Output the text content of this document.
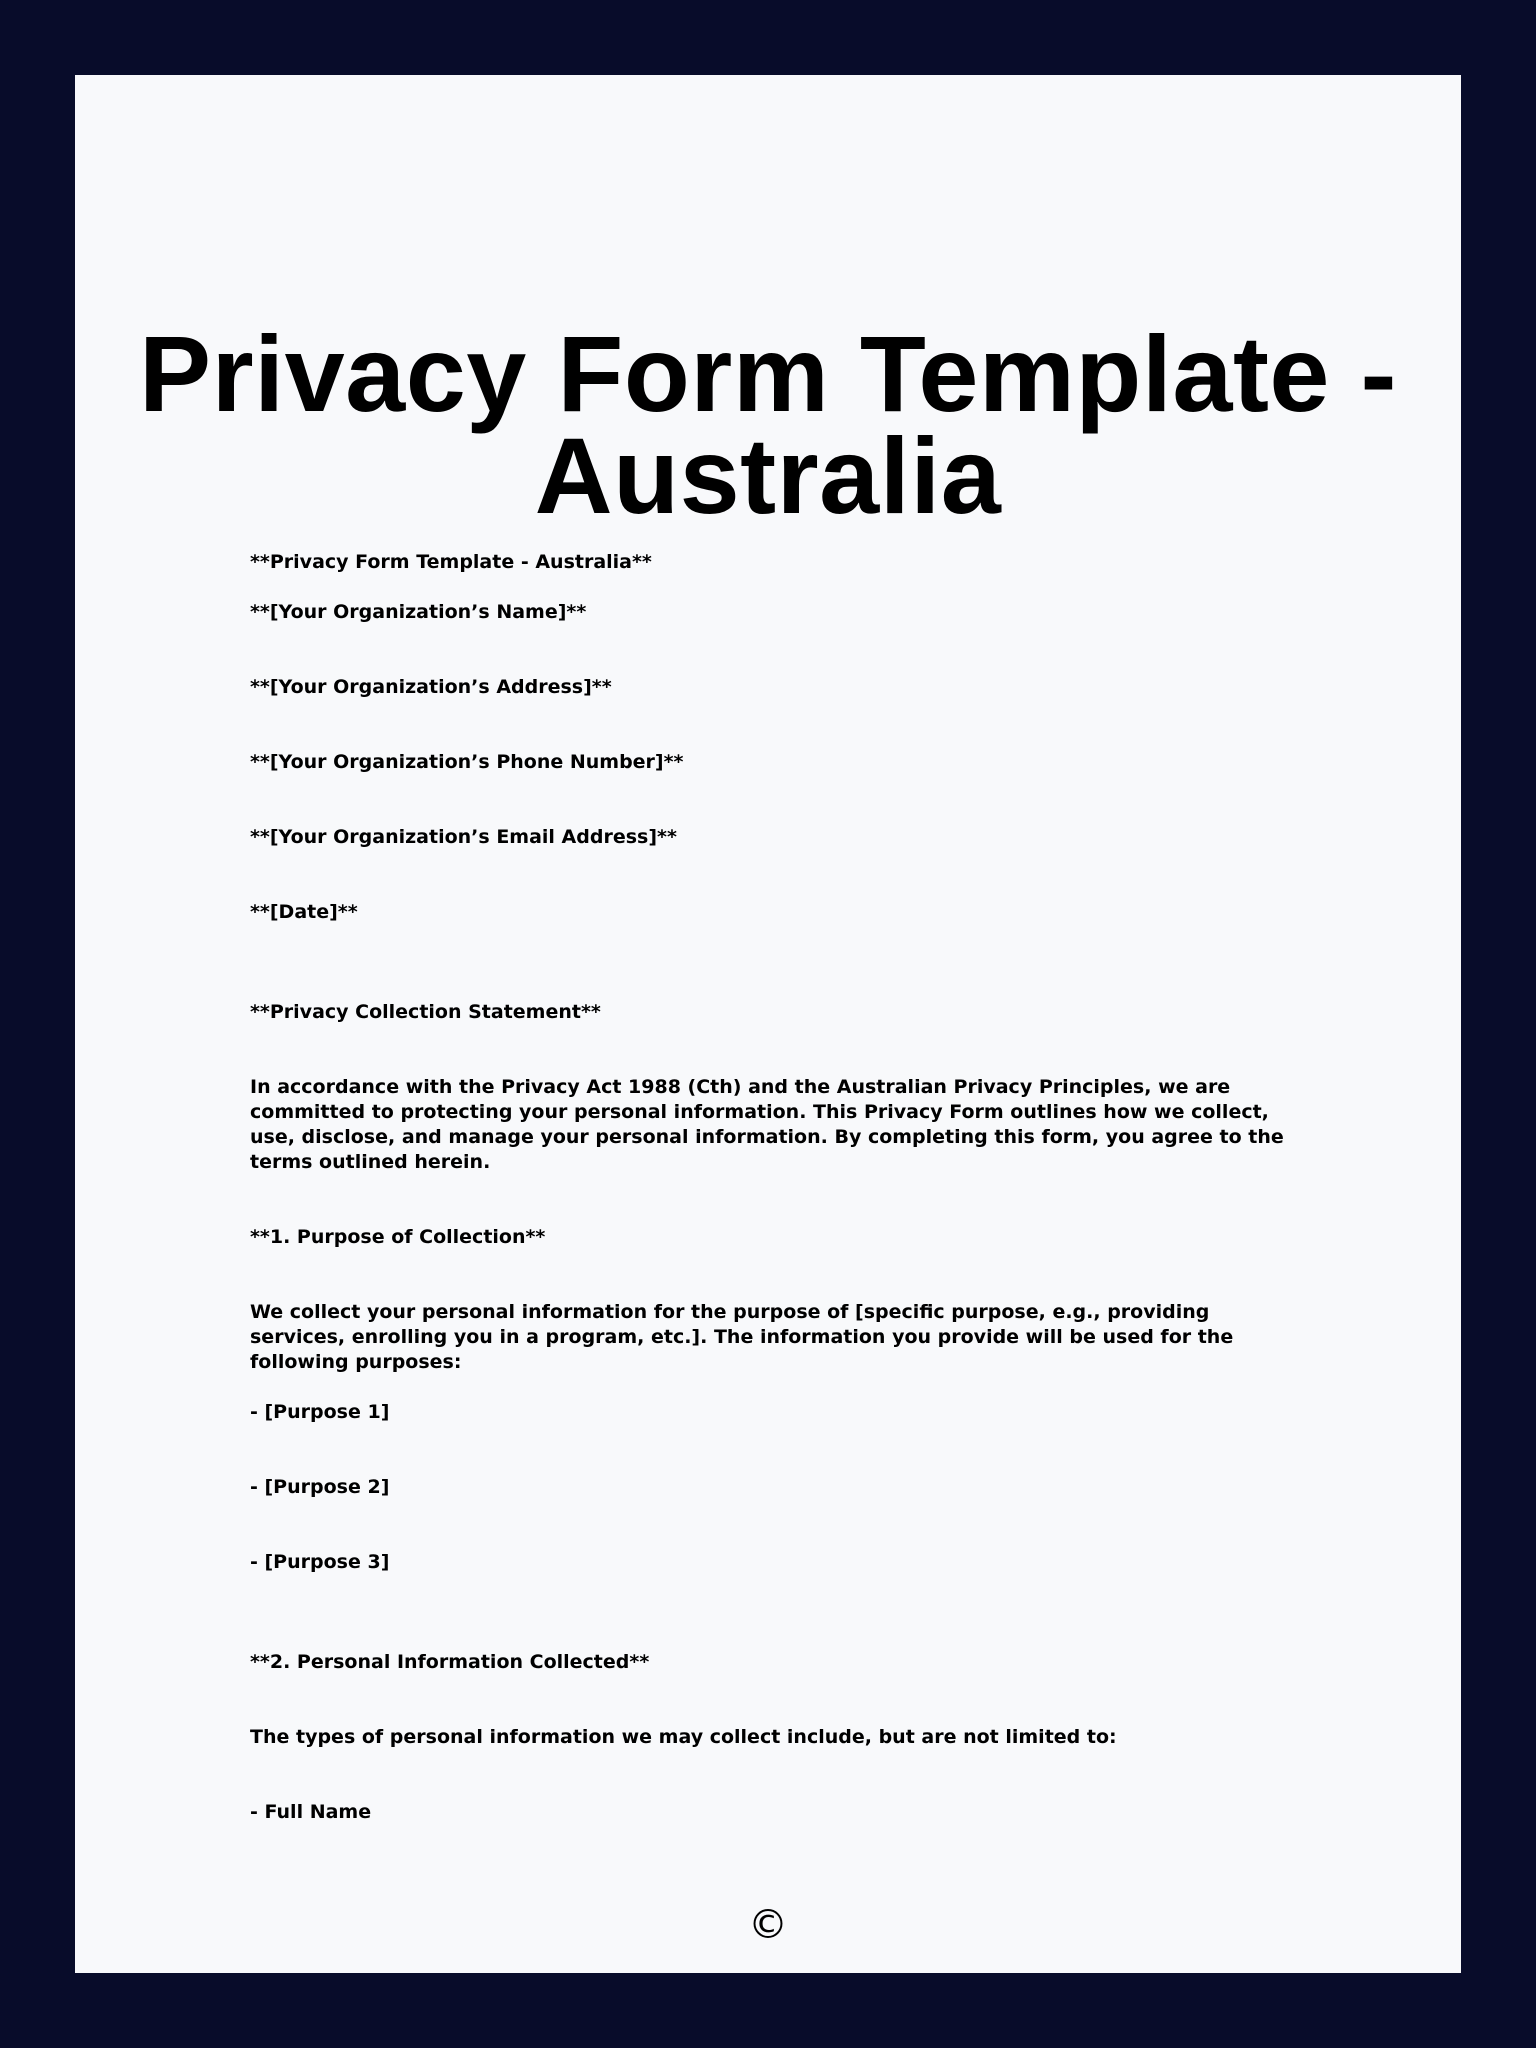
Privacy Form Template - Australia

**Privacy Form Template - Australia**

**[Your Organization’s Name]**

**[Your Organization’s Address]**

**[Your Organization’s Phone Number]**

**[Your Organization’s Email Address]**

**[Date]**

**Privacy Collection Statement**

In accordance with the Privacy Act 1988 (Cth) and the Australian Privacy Principles, we are committed to protecting your personal information. This Privacy Form outlines how we collect, use, disclose, and manage your personal information. By completing this form, you agree to the terms outlined herein.

**1. Purpose of Collection**

We collect your personal information for the purpose of [specific purpose, e.g., providing services, enrolling you in a program, etc.]. The information you provide will be used for the following purposes:

- [Purpose 1]

- [Purpose 2]

- [Purpose 3]

**2. Personal Information Collected**

The types of personal information we may collect include, but are not limited to:

- Full Name

©
